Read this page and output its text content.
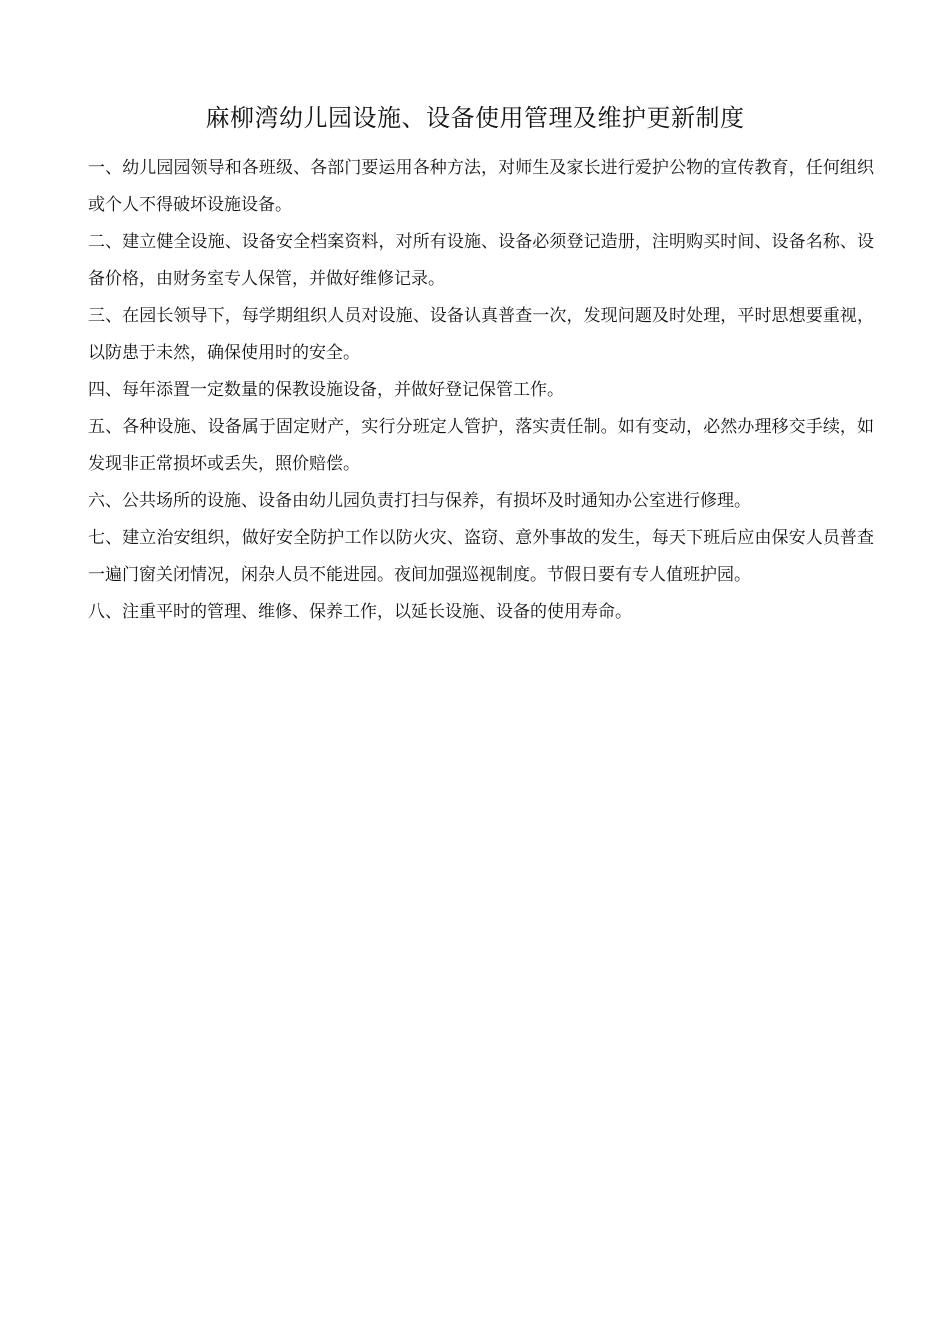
麻柳湾幼儿园设施、设备使用管理及维护更新制度
一、幼儿园园领导和各班级、各部门要运用各种方法，对师生及家长进行爱护公物的宣传教育，任何组织或个人不得破坏设施设备。
二、建立健全设施、设备安全档案资料，对所有设施、设备必须登记造册，注明购买时间、设备名称、设备价格，由财务室专人保管，并做好维修记录。
三、在园长领导下，每学期组织人员对设施、设备认真普查一次，发现问题及时处理，平时思想要重视，以防患于未然，确保使用时的安全。
四、每年添置一定数量的保教设施设备，并做好登记保管工作。
五、各种设施、设备属于固定财产，实行分班定人管护，落实责任制。如有变动，必然办理移交手续，如发现非正常损坏或丢失，照价赔偿。
六、公共场所的设施、设备由幼儿园负责打扫与保养，有损坏及时通知办公室进行修理。
七、建立治安组织，做好安全防护工作以防火灾、盗窃、意外事故的发生，每天下班后应由保安人员普查一遍门窗关闭情况，闲杂人员不能进园。夜间加强巡视制度。节假日要有专人值班护园。
八、注重平时的管理、维修、保养工作，以延长设施、设备的使用寿命。
